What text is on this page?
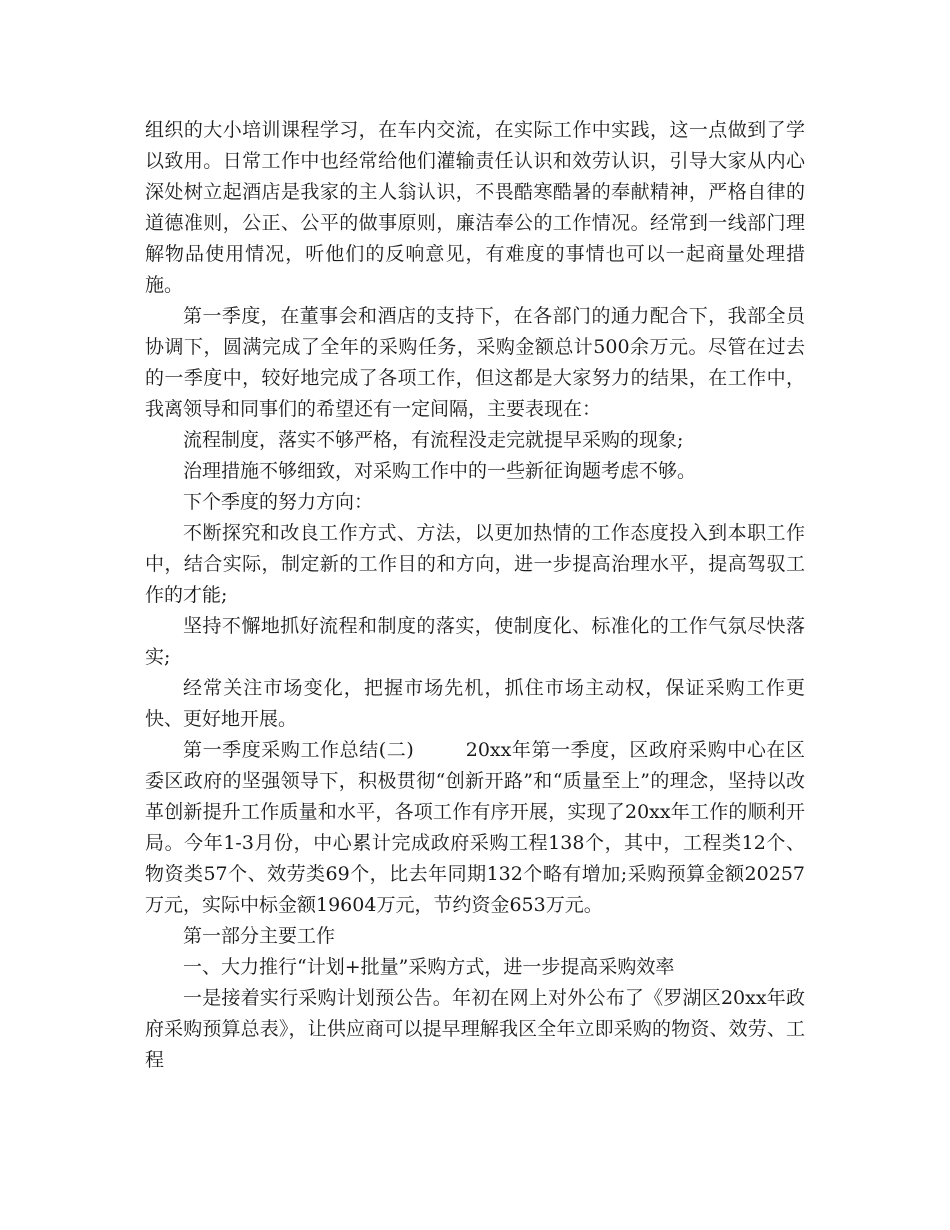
组织的大小培训课程学习，在车内交流，在实际工作中实践，这一点做到了学以致用。日常工作中也经常给他们灌输责任认识和效劳认识，引导大家从内心深处树立起酒店是我家的主人翁认识，不畏酷寒酷暑的奉献精神，严格自律的道德准则，公正、公平的做事原则，廉洁奉公的工作情况。经常到一线部门理解物品使用情况，听他们的反响意见，有难度的事情也可以一起商量处理措施。

第一季度，在董事会和酒店的支持下，在各部门的通力配合下，我部全员协调下，圆满完成了全年的采购任务，采购金额总计500余万元。尽管在过去的一季度中，较好地完成了各项工作，但这都是大家努力的结果，在工作中，我离领导和同事们的希望还有一定间隔，主要表现在：

流程制度，落实不够严格，有流程没走完就提早采购的现象;

治理措施不够细致，对采购工作中的一些新征询题考虑不够。

下个季度的努力方向：

不断探究和改良工作方式、方法，以更加热情的工作态度投入到本职工作中，结合实际，制定新的工作目的和方向，进一步提高治理水平，提高驾驭工作的才能;

坚持不懈地抓好流程和制度的落实，使制度化、标准化的工作气氛尽快落实;

经常关注市场变化，把握市场先机，抓住市场主动权，保证采购工作更快、更好地开展。

第一季度采购工作总结(二)	20xx年第一季度，区政府采购中心在区委区政府的坚强领导下，积极贯彻“创新开路”和“质量至上”的理念，坚持以改革创新提升工作质量和水平，各项工作有序开展，实现了20xx年工作的顺利开局。今年1-3月份，中心累计完成政府采购工程138个，其中，工程类12个、物资类57个、效劳类69个，比去年同期132个略有增加;采购预算金额20257万元，实际中标金额19604万元，节约资金653万元。

第一部分主要工作

一、大力推行“计划+批量”采购方式，进一步提高采购效率

一是接着实行采购计划预公告。年初在网上对外公布了《罗湖区20xx年政府采购预算总表》，让供应商可以提早理解我区全年立即采购的物资、效劳、工程
